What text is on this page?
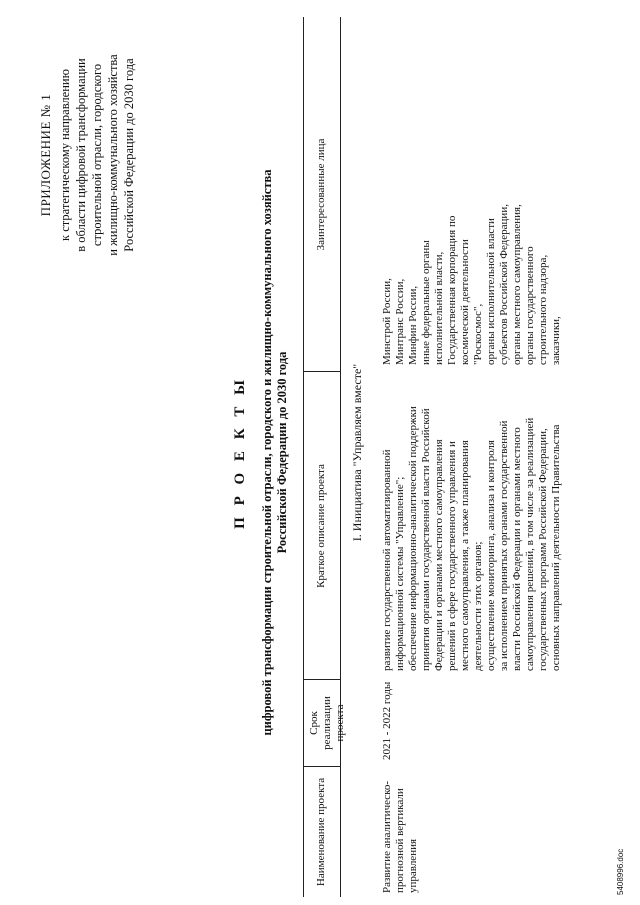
ПРИЛОЖЕНИЕ № 1 к стратегическому направлению в области цифровой трансформации строительной отрасли, городского и жилищно-коммунального хозяйства Российской Федерации до 2030 года
П Р О Е К Т Ы цифровой трансформации строительной отрасли, городского и жилищно-коммунального хозяйства Российской Федерации до 2030 года
Наименование проекта
Срок реализации проекта
Краткое описание проекта
Заинтересованные лица
I. Инициатива "Управляем вместе"
Развитие аналитическо- прогнозной вертикали управления
2021 - 2022 годы
развитие государственной автоматизированной информационной системы "Управление"; обеспечение информационно-аналитической поддержки принятия органами государственной власти Российской Федерации и органами местного самоуправления решений в сфере государственного управления и местного самоуправления, а также планирования деятельности этих органов; осуществление мониторинга, анализа и контроля за исполнением принятых органами государственной власти Российской Федерации и органами местного самоуправления решений, в том числе за реализацией государственных программ Российской Федерации, основных направлений деятельности Правительства
Минстрой России, Минтранс России, Минфин России, иные федеральные органы исполнительной власти, Государственная корпорация по космической деятельности "Роскосмос", органы исполнительной власти субъектов Российской Федерации, органы местного самоуправления, органы государственного строительного надзора, заказчики,
5408996.doc
